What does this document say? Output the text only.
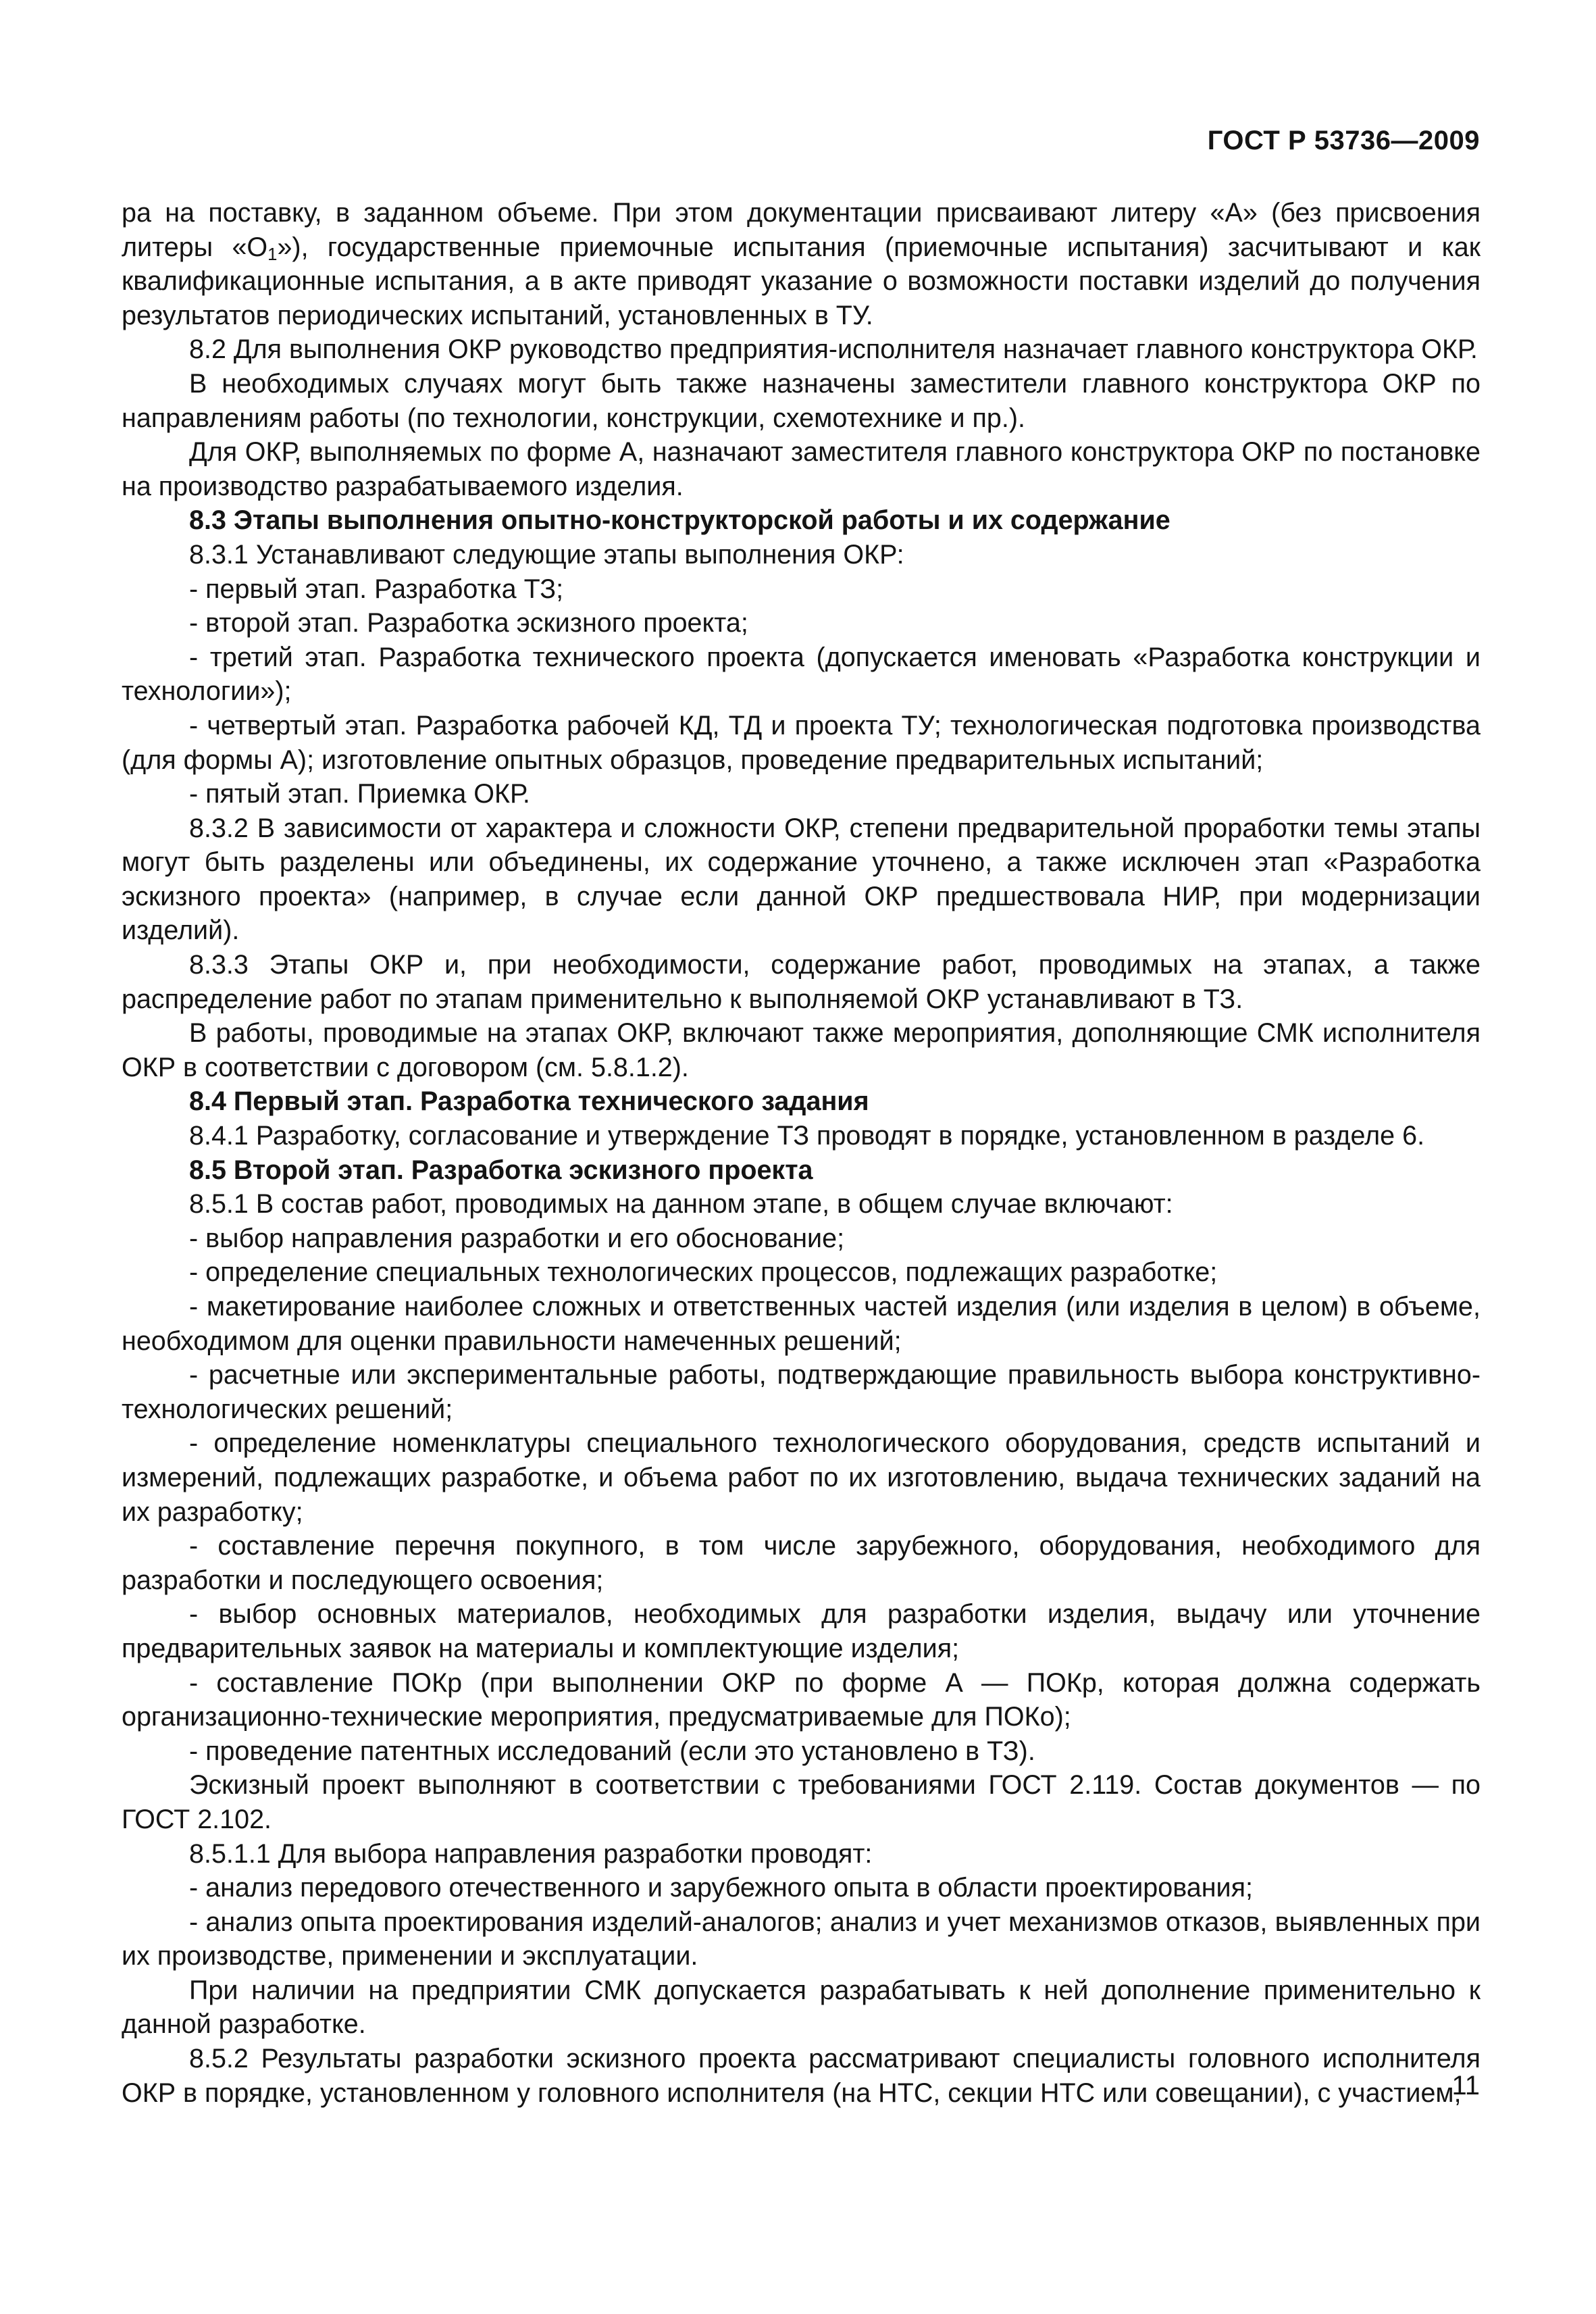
ГОСТ Р 53736—2009

ра на поставку, в заданном объеме. При этом документации присваивают литеру «А» (без присвоения литеры «$О_1$»), государственные приемочные испытания (приемочные испытания) засчитывают и как квалификационные испытания, а в акте приводят указание о возможности поставки изделий до получения результатов периодических испытаний, установленных в ТУ.

8.2 Для выполнения ОКР руководство предприятия-исполнителя назначает главного конструктора ОКР.

В необходимых случаях могут быть также назначены заместители главного конструктора ОКР по направлениям работы (по технологии, конструкции, схемотехнике и пр.).

Для ОКР, выполняемых по форме А, назначают заместителя главного конструктора ОКР по постановке на производство разрабатываемого изделия.

8.3 Этапы выполнения опытно-конструкторской работы и их содержание

8.3.1 Устанавливают следующие этапы выполнения ОКР:

- первый этап. Разработка ТЗ;

- второй этап. Разработка эскизного проекта;

- третий этап. Разработка технического проекта (допускается именовать «Разработка конструкции и технологии»);

- четвертый этап. Разработка рабочей КД, ТД и проекта ТУ; технологическая подготовка производства (для формы А); изготовление опытных образцов, проведение предварительных испытаний;

- пятый этап. Приемка ОКР.

8.3.2 В зависимости от характера и сложности ОКР, степени предварительной проработки темы этапы могут быть разделены или объединены, их содержание уточнено, а также исключен этап «Разработка эскизного проекта» (например, в случае если данной ОКР предшествовала НИР, при модернизации изделий).

8.3.3 Этапы ОКР и, при необходимости, содержание работ, проводимых на этапах, а также распределение работ по этапам применительно к выполняемой ОКР устанавливают в ТЗ.

В работы, проводимые на этапах ОКР, включают также мероприятия, дополняющие СМК исполнителя ОКР в соответствии с договором (см. 5.8.1.2).

8.4 Первый этап. Разработка технического задания

8.4.1 Разработку, согласование и утверждение ТЗ проводят в порядке, установленном в разделе 6.

8.5 Второй этап. Разработка эскизного проекта

8.5.1 В состав работ, проводимых на данном этапе, в общем случае включают:

- выбор направления разработки и его обоснование;

- определение специальных технологических процессов, подлежащих разработке;

- макетирование наиболее сложных и ответственных частей изделия (или изделия в целом) в объеме, необходимом для оценки правильности намеченных решений;

- расчетные или экспериментальные работы, подтверждающие правильность выбора конструктивно-технологических решений;

- определение номенклатуры специального технологического оборудования, средств испытаний и измерений, подлежащих разработке, и объема работ по их изготовлению, выдача технических заданий на их разработку;

- составление перечня покупного, в том числе зарубежного, оборудования, необходимого для разработки и последующего освоения;

- выбор основных материалов, необходимых для разработки изделия, выдачу или уточнение предварительных заявок на материалы и комплектующие изделия;

- составление ПОКр (при выполнении ОКР по форме А — ПОКр, которая должна содержать организационно-технические мероприятия, предусматриваемые для ПОКо);

- проведение патентных исследований (если это установлено в ТЗ).

Эскизный проект выполняют в соответствии с требованиями ГОСТ 2.119. Состав документов — по ГОСТ 2.102.

8.5.1.1 Для выбора направления разработки проводят:

- анализ передового отечественного и зарубежного опыта в области проектирования;

- анализ опыта проектирования изделий-аналогов; анализ и учет механизмов отказов, выявленных при их производстве, применении и эксплуатации.

При наличии на предприятии СМК допускается разрабатывать к ней дополнение применительно к данной разработке.

8.5.2 Результаты разработки эскизного проекта рассматривают специалисты головного исполнителя ОКР в порядке, установленном у головного исполнителя (на НТС, секции НТС или совещании), с участием,

11
